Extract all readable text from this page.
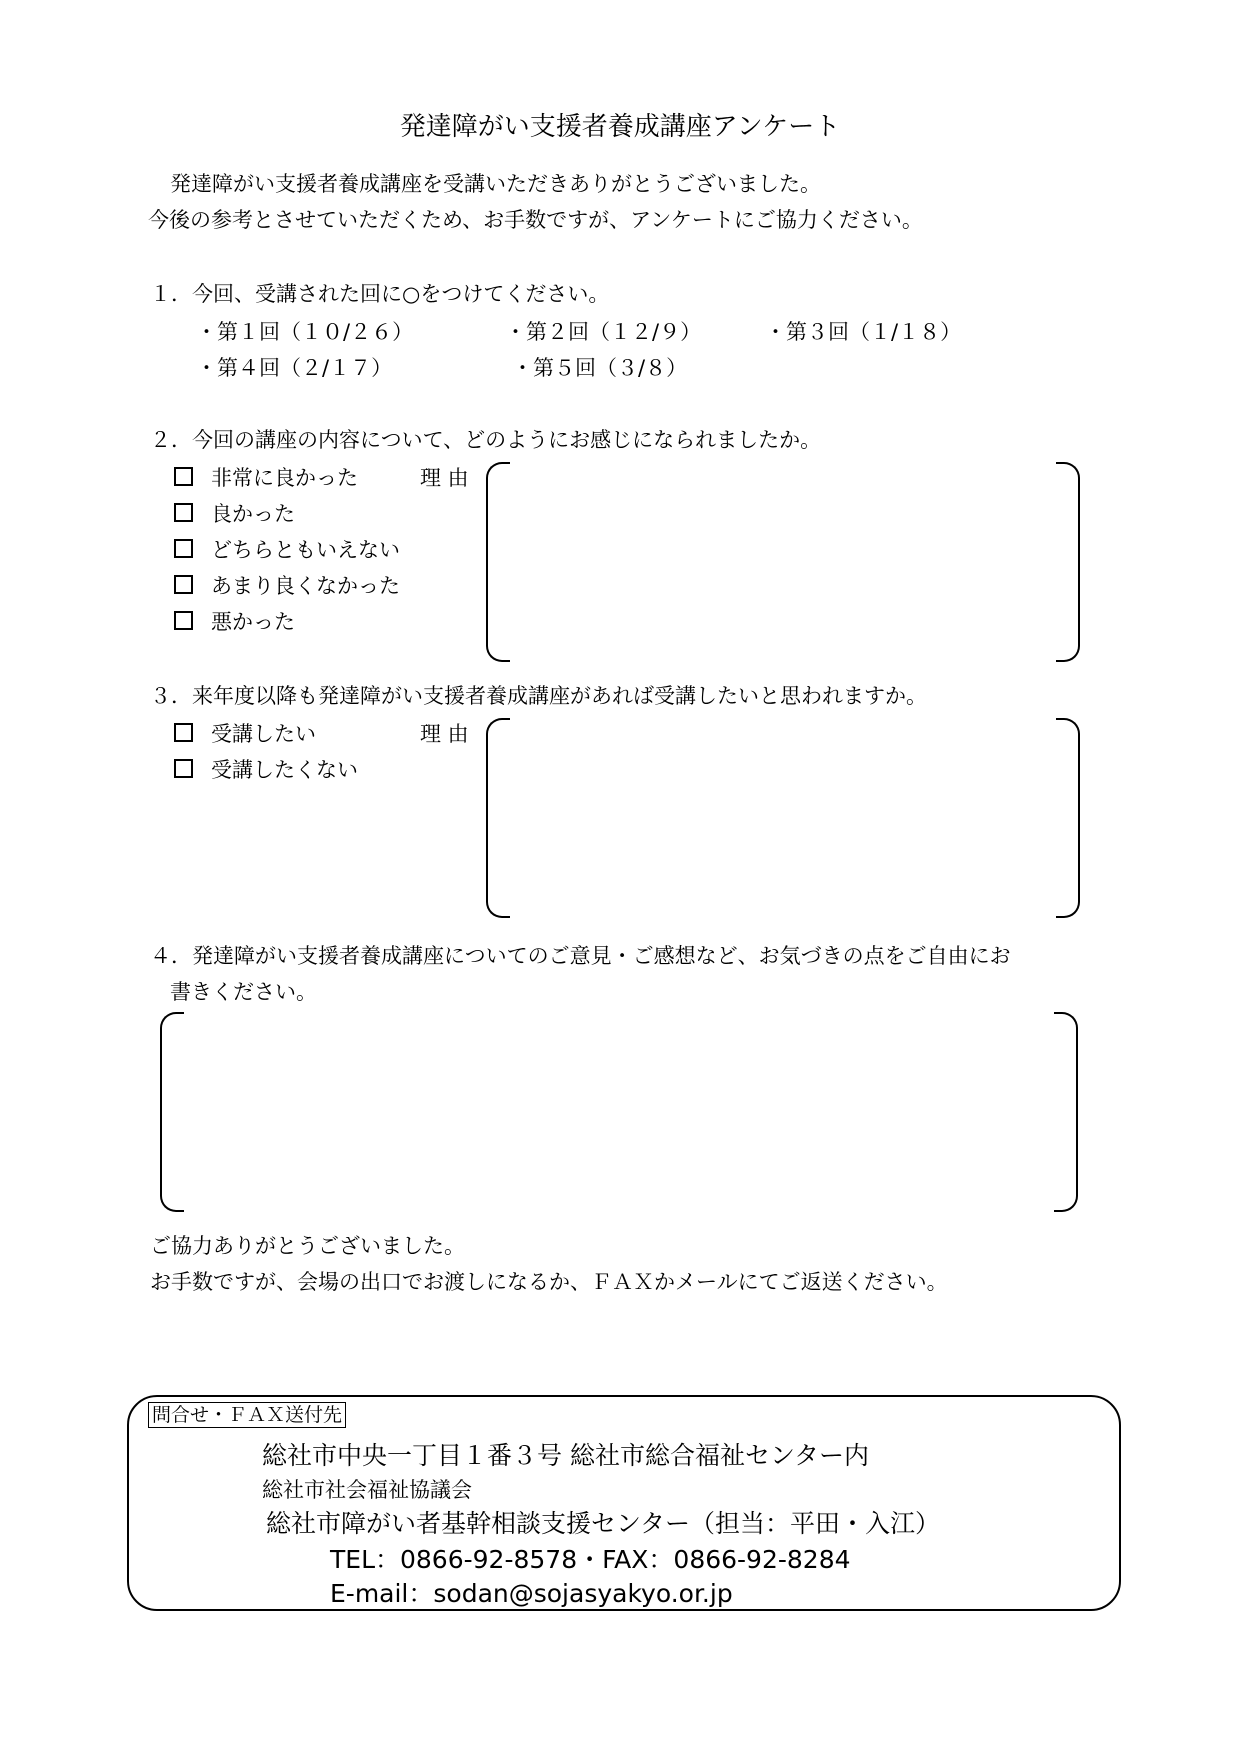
発達障がい支援者養成講座アンケート
発達障がい支援者養成講座を受講いただきありがとうございました。
今後の参考とさせていただくため、お手数ですが、アンケートにご協力ください。
１．今回、受講された回に○をつけてください。
・第１回（１０/２６）	・第２回（１２/９）	・第３回（１/１８）
・第４回（２/１７）	・第５回（３/８）
２．今回の講座の内容について、どのようにお感じになられましたか。
非常に良かった
良かった
どちらともいえない
あまり良くなかった
悪かった
理 由
３．来年度以降も発達障がい支援者養成講座があれば受講したいと思われますか。
受講したい
受講したくない
理 由
４．発達障がい支援者養成講座についてのご意見・ご感想など、お気づきの点をご自由にお
書きください。
ご協力ありがとうございました。
お手数ですが、会場の出口でお渡しになるか、ＦＡＸかメールにてご返送ください。
問合せ・ＦＡＸ送付先
総社市中央一丁目１番３号 総社市総合福祉センター内
総社市社会福祉協議会
総社市障がい者基幹相談支援センター（担当：平田・入江）
TEL：0866-92-8578・FAX：0866-92-8284
E-mail：sodan@sojasyakyo.or.jp
